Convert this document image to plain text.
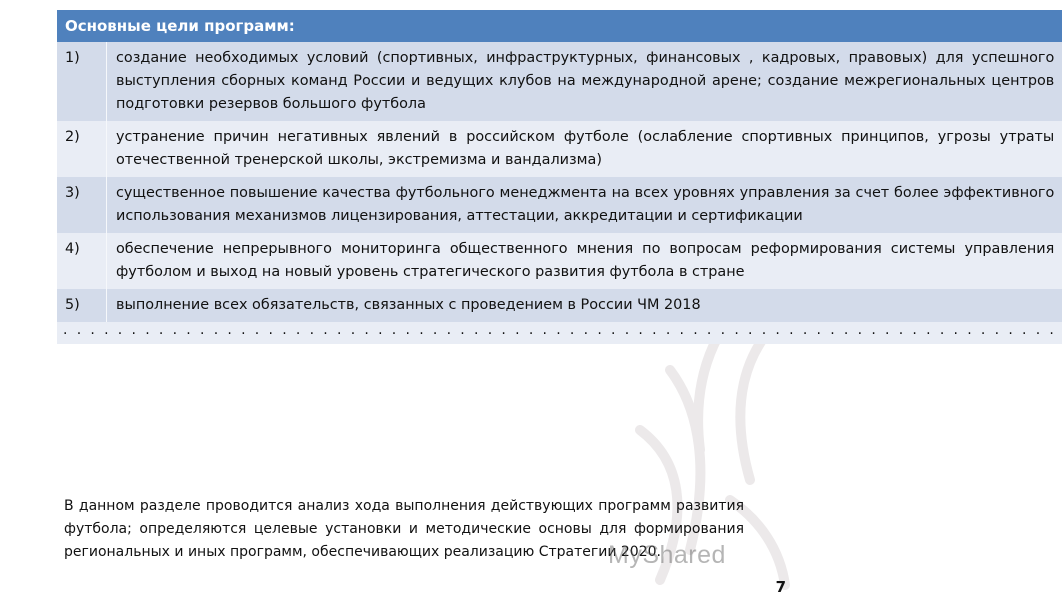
Основные цели программ:	
1)	создание необходимых условий (спортивных, инфраструктурных, финансовых , кадровых, правовых) для успешного выступления сборных команд России и ведущих клубов на международной арене; создание межрегиональных центров подготовки резервов большого футбола
2)	устранение причин негативных явлений в российском футболе (ослабление спортивных принципов, угрозы утраты отечественной тренерской школы, экстремизма и вандализма)
3)	существенное повышение качества футбольного менеджмента на всех уровнях управления за счет более эффективного использования механизмов лицензирования, аттестации, аккредитации и сертификации
4)	обеспечение непрерывного мониторинга общественного мнения по вопросам реформирования системы управления футболом и выход на новый уровень стратегического развития футбола в стране
5)	выполнение всех обязательств, связанных с проведением в России ЧМ 2018
. . . . . . . . . . . . . . . . . . . . . . . . . . . . . . . . . . . . . . . . . . . . . . . . . . . . . . . . . . . . . . . . . . . . . . . . .	
В данном разделе проводится анализ хода выполнения действующих программ развития футбола; определяются целевые установки и методические основы для формирования региональных и иных программ, обеспечивающих реализацию Стратегии 2020.
MyShared
7
